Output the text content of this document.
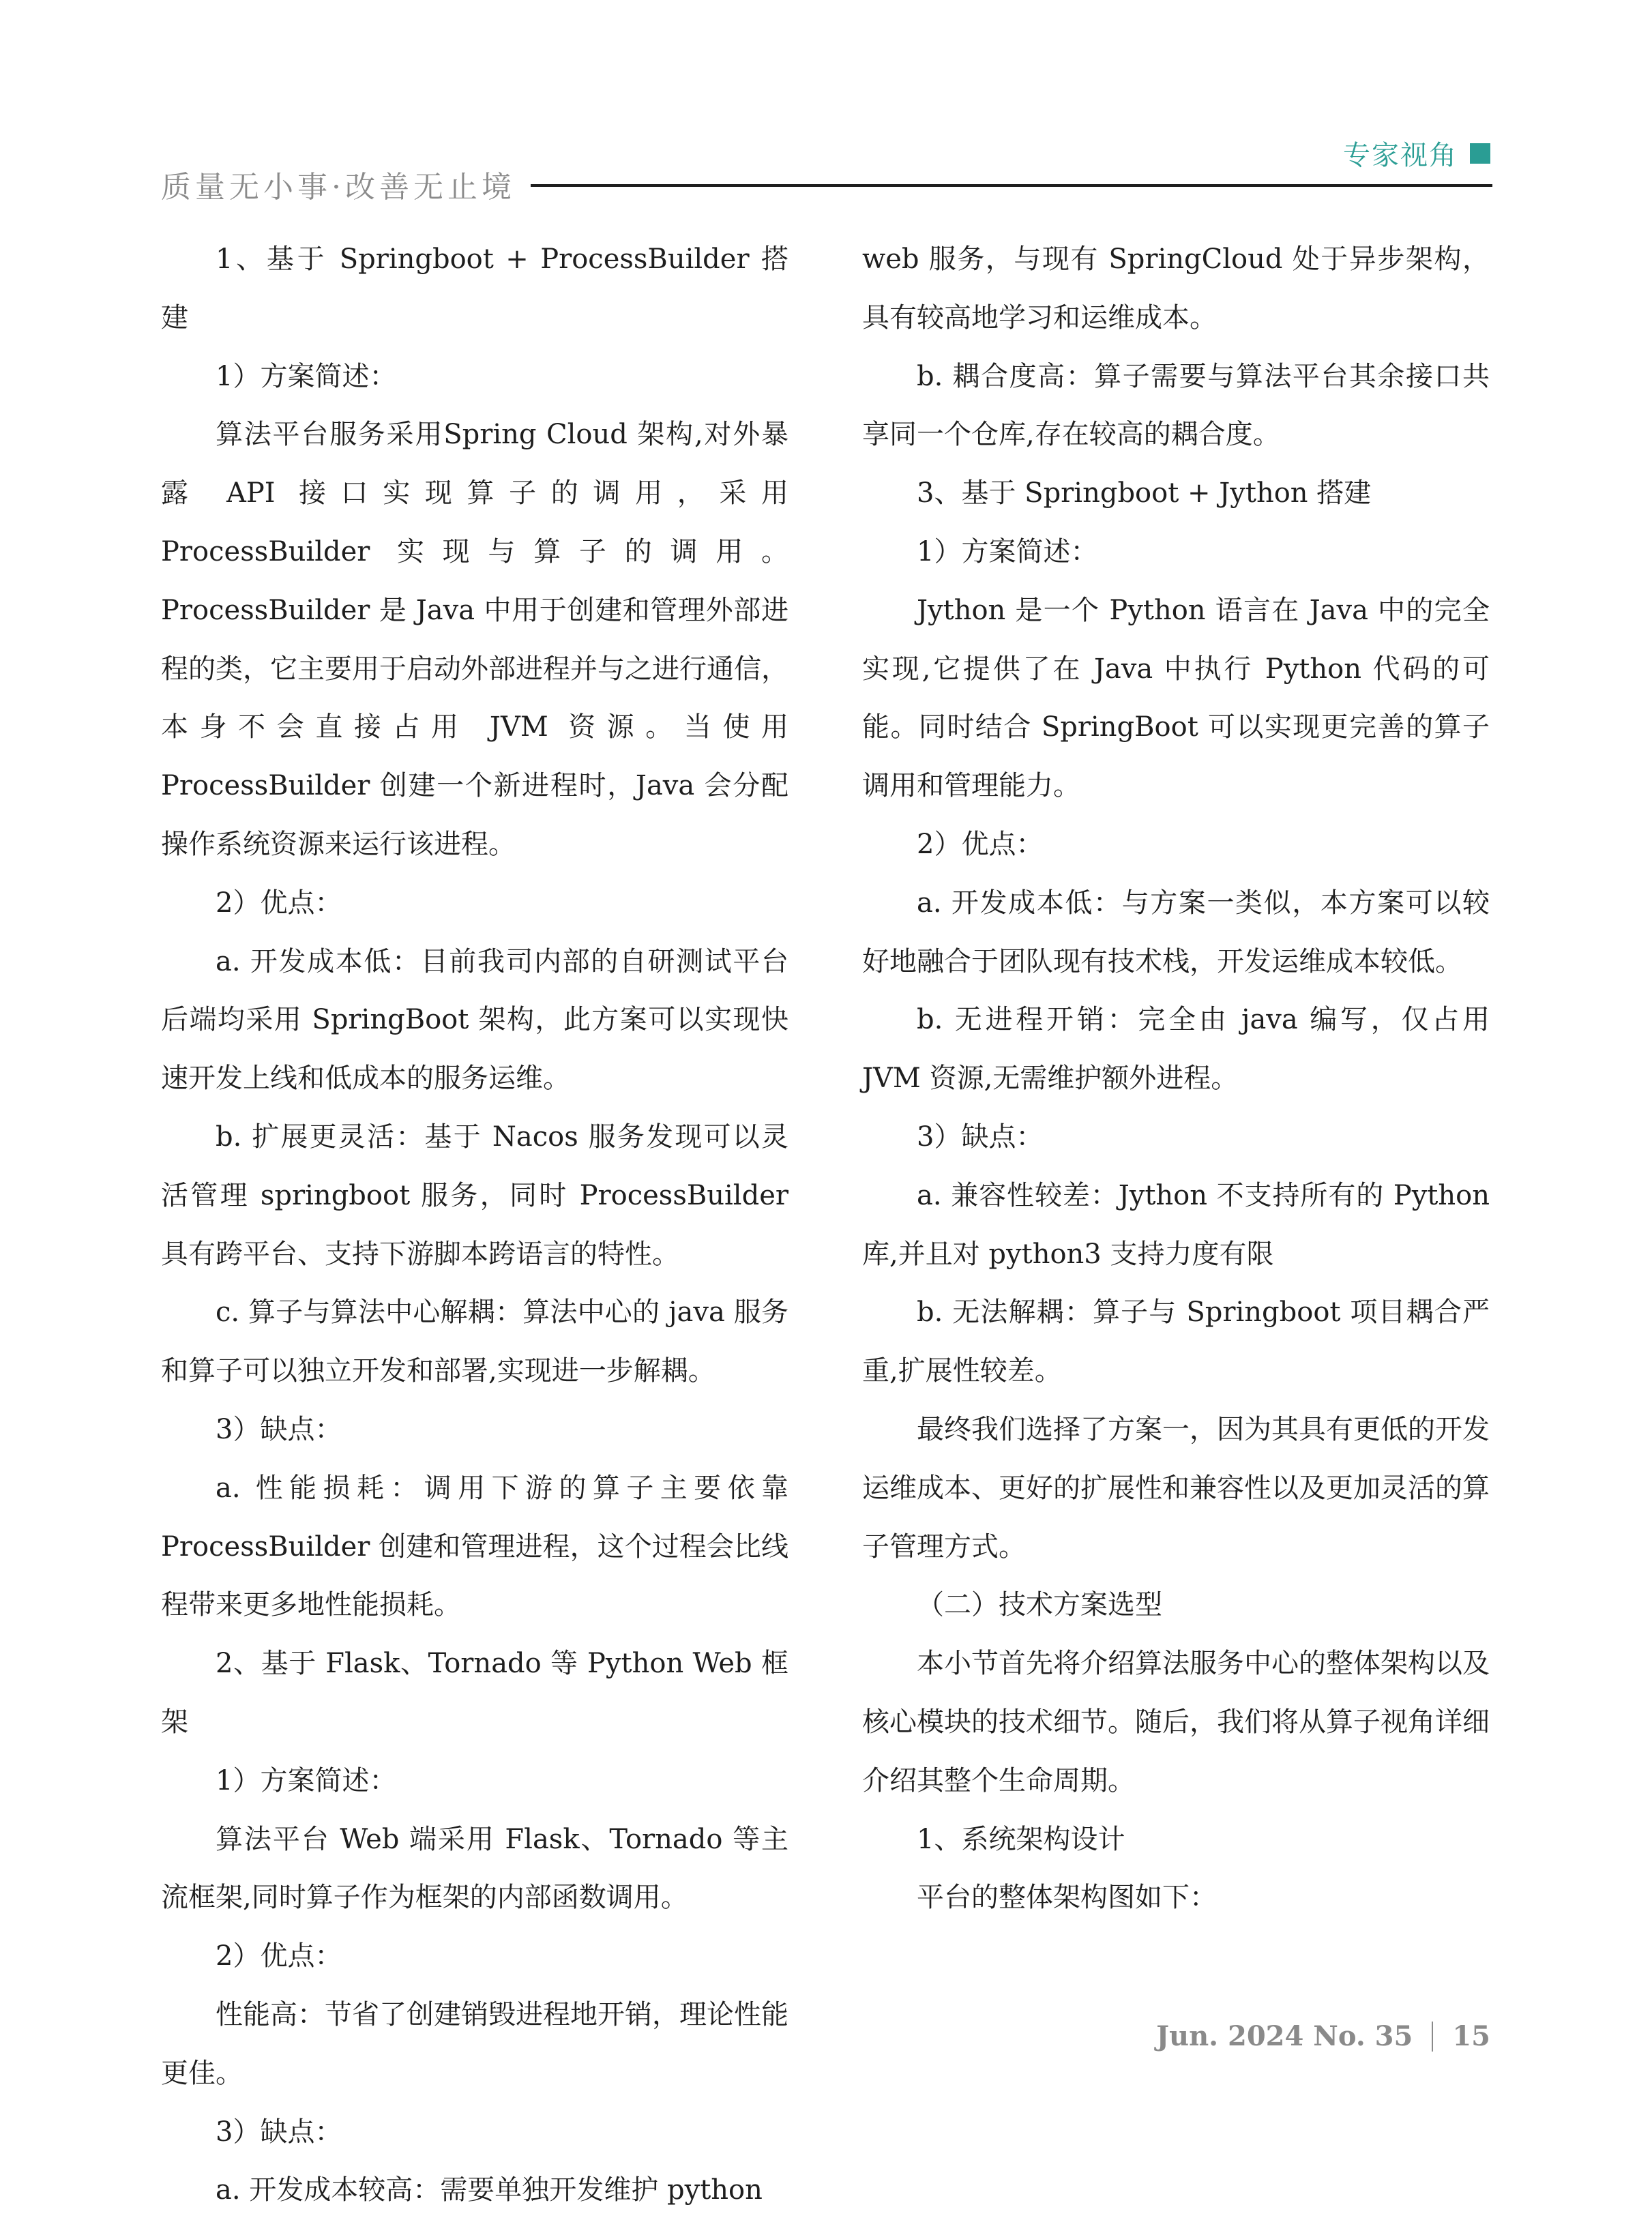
专家视角
质量无小事·改善无止境

1、基于 Springboot + ProcessBuilder 搭建

1）方案简述：

算法平台服务采用Spring Cloud 架构,对外暴露 API 接口实现算子的调用，采用 ProcessBuilder 实现与算子的调用。ProcessBuilder 是 Java 中用于创建和管理外部进程的类，它主要用于启动外部进程并与之进行通信，本身不会直接占用 JVM 资源。当使用 ProcessBuilder 创建一个新进程时，Java 会分配操作系统资源来运行该进程。

2）优点：

a. 开发成本低：目前我司内部的自研测试平台后端均采用 SpringBoot 架构，此方案可以实现快速开发上线和低成本的服务运维。

b. 扩展更灵活：基于 Nacos 服务发现可以灵活管理 springboot 服务，同时 ProcessBuilder 具有跨平台、支持下游脚本跨语言的特性。

c. 算子与算法中心解耦：算法中心的 java 服务和算子可以独立开发和部署,实现进一步解耦。

3）缺点：

a. 性能损耗：调用下游的算子主要依靠 ProcessBuilder 创建和管理进程，这个过程会比线程带来更多地性能损耗。

2、基于 Flask、Tornado 等 Python Web 框架

1）方案简述：

算法平台 Web 端采用 Flask、Tornado 等主流框架,同时算子作为框架的内部函数调用。

2）优点：

性能高：节省了创建销毁进程地开销，理论性能更佳。

3）缺点：

a. 开发成本较高：需要单独开发维护 python

web 服务，与现有 SpringCloud 处于异步架构，具有较高地学习和运维成本。

b. 耦合度高：算子需要与算法平台其余接口共享同一个仓库,存在较高的耦合度。

3、基于 Springboot + Jython 搭建

1）方案简述：

Jython 是一个 Python 语言在 Java 中的完全实现,它提供了在 Java 中执行 Python 代码的可能。同时结合 SpringBoot 可以实现更完善的算子调用和管理能力。

2）优点：

a. 开发成本低：与方案一类似，本方案可以较好地融合于团队现有技术栈，开发运维成本较低。

b. 无进程开销：完全由 java 编写，仅占用 JVM 资源,无需维护额外进程。

3）缺点：

a. 兼容性较差：Jython 不支持所有的 Python 库,并且对 python3 支持力度有限

b. 无法解耦：算子与 Springboot 项目耦合严重,扩展性较差。

最终我们选择了方案一，因为其具有更低的开发运维成本、更好的扩展性和兼容性以及更加灵活的算子管理方式。

（二）技术方案选型

本小节首先将介绍算法服务中心的整体架构以及核心模块的技术细节。随后，我们将从算子视角详细介绍其整个生命周期。

1、系统架构设计

平台的整体架构图如下：

Jun. 2024 No. 35 15
